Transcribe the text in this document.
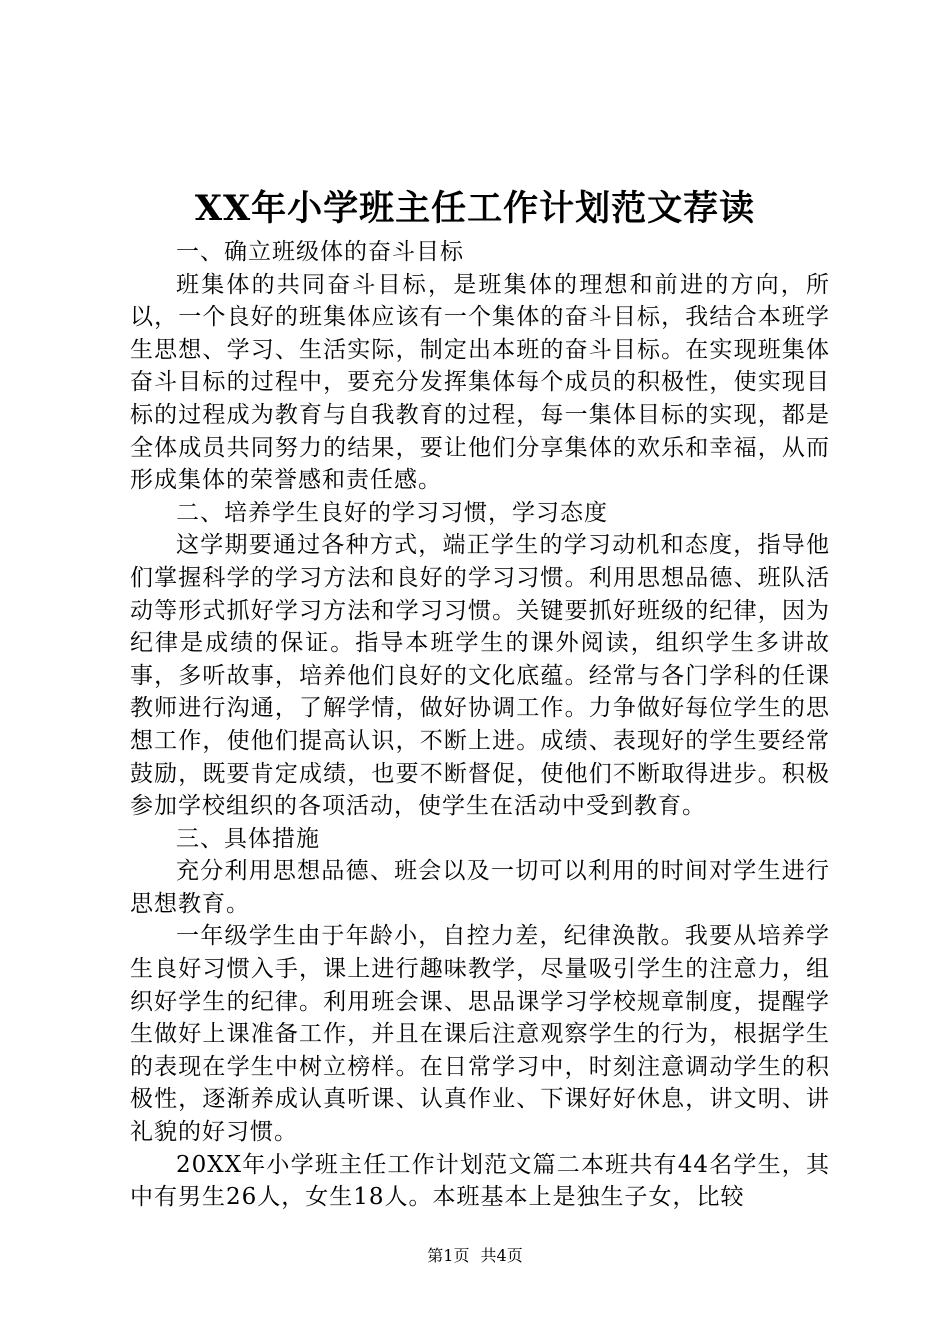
XX年小学班主任工作计划范文荐读

一、确立班级体的奋斗目标

班集体的共同奋斗目标，是班集体的理想和前进的方向，所以，一个良好的班集体应该有一个集体的奋斗目标，我结合本班学生思想、学习、生活实际，制定出本班的奋斗目标。在实现班集体奋斗目标的过程中，要充分发挥集体每个成员的积极性，使实现目标的过程成为教育与自我教育的过程，每一集体目标的实现，都是全体成员共同努力的结果，要让他们分享集体的欢乐和幸福，从而形成集体的荣誉感和责任感。

二、培养学生良好的学习习惯，学习态度

这学期要通过各种方式，端正学生的学习动机和态度，指导他们掌握科学的学习方法和良好的学习习惯。利用思想品德、班队活动等形式抓好学习方法和学习习惯。关键要抓好班级的纪律，因为纪律是成绩的保证。指导本班学生的课外阅读，组织学生多讲故事，多听故事，培养他们良好的文化底蕴。经常与各门学科的任课教师进行沟通，了解学情，做好协调工作。力争做好每位学生的思想工作，使他们提高认识，不断上进。成绩、表现好的学生要经常鼓励，既要肯定成绩，也要不断督促，使他们不断取得进步。积极参加学校组织的各项活动，使学生在活动中受到教育。

三、具体措施

充分利用思想品德、班会以及一切可以利用的时间对学生进行思想教育。

一年级学生由于年龄小，自控力差，纪律涣散。我要从培养学生良好习惯入手，课上进行趣味教学，尽量吸引学生的注意力，组织好学生的纪律。利用班会课、思品课学习学校规章制度，提醒学生做好上课准备工作，并且在课后注意观察学生的行为，根据学生的表现在学生中树立榜样。在日常学习中，时刻注意调动学生的积极性，逐渐养成认真听课、认真作业、下课好好休息，讲文明、讲礼貌的好习惯。

20XX年小学班主任工作计划范文篇二本班共有44名学生，其中有男生26人，女生18人。本班基本上是独生子女，比较

第1页 共4页
